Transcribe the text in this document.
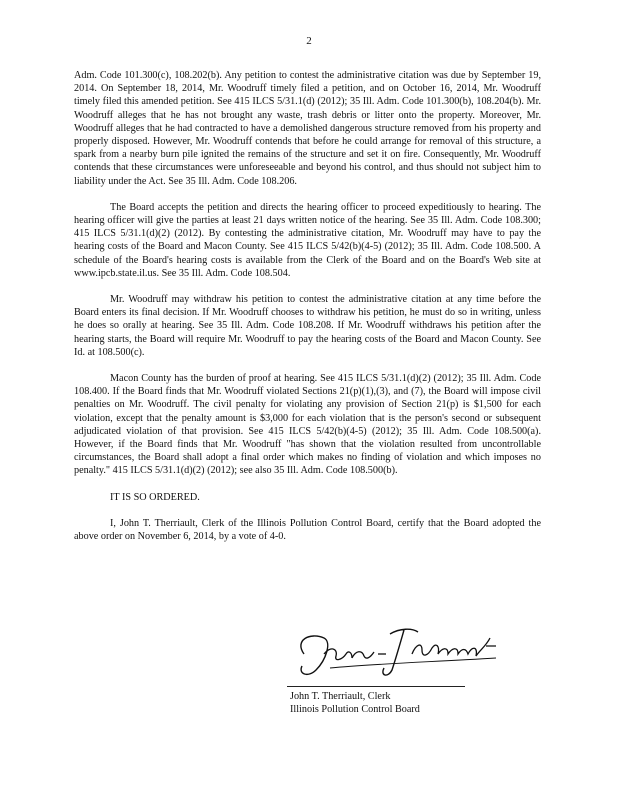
2

Adm. Code 101.300(c), 108.202(b). Any petition to contest the administrative citation was due by September 19, 2014. On September 18, 2014, Mr. Woodruff timely filed a petition, and on October 16, 2014, Mr. Woodruff timely filed this amended petition. See 415 ILCS 5/31.1(d) (2012); 35 Ill. Adm. Code 101.300(b), 108.204(b). Mr. Woodruff alleges that he has not brought any waste, trash debris or litter onto the property. Moreover, Mr. Woodruff alleges that he had contracted to have a demolished dangerous structure removed from his property and properly disposed. However, Mr. Woodruff contends that before he could arrange for removal of this structure, a spark from a nearby burn pile ignited the remains of the structure and set it on fire. Consequently, Mr. Woodruff contends that these circumstances were unforeseeable and beyond his control, and thus should not subject him to liability under the Act. See 35 Ill. Adm. Code 108.206.

The Board accepts the petition and directs the hearing officer to proceed expeditiously to hearing. The hearing officer will give the parties at least 21 days written notice of the hearing. See 35 Ill. Adm. Code 108.300; 415 ILCS 5/31.1(d)(2) (2012). By contesting the administrative citation, Mr. Woodruff may have to pay the hearing costs of the Board and Macon County. See 415 ILCS 5/42(b)(4-5) (2012); 35 Ill. Adm. Code 108.500. A schedule of the Board's hearing costs is available from the Clerk of the Board and on the Board's Web site at www.ipcb.state.il.us. See 35 Ill. Adm. Code 108.504.

Mr. Woodruff may withdraw his petition to contest the administrative citation at any time before the Board enters its final decision. If Mr. Woodruff chooses to withdraw his petition, he must do so in writing, unless he does so orally at hearing. See 35 Ill. Adm. Code 108.208. If Mr. Woodruff withdraws his petition after the hearing starts, the Board will require Mr. Woodruff to pay the hearing costs of the Board and Macon County. See Id. at 108.500(c).

Macon County has the burden of proof at hearing. See 415 ILCS 5/31.1(d)(2) (2012); 35 Ill. Adm. Code 108.400. If the Board finds that Mr. Woodruff violated Sections 21(p)(1),(3), and (7), the Board will impose civil penalties on Mr. Woodruff. The civil penalty for violating any provision of Section 21(p) is $1,500 for each violation, except that the penalty amount is $3,000 for each violation that is the person's second or subsequent adjudicated violation of that provision. See 415 ILCS 5/42(b)(4-5) (2012); 35 Ill. Adm. Code 108.500(a). However, if the Board finds that Mr. Woodruff "has shown that the violation resulted from uncontrollable circumstances, the Board shall adopt a final order which makes no finding of violation and which imposes no penalty." 415 ILCS 5/31.1(d)(2) (2012); see also 35 Ill. Adm. Code 108.500(b).

IT IS SO ORDERED.

I, John T. Therriault, Clerk of the Illinois Pollution Control Board, certify that the Board adopted the above order on November 6, 2014, by a vote of 4-0.

John T. Therriault, Clerk
Illinois Pollution Control Board
